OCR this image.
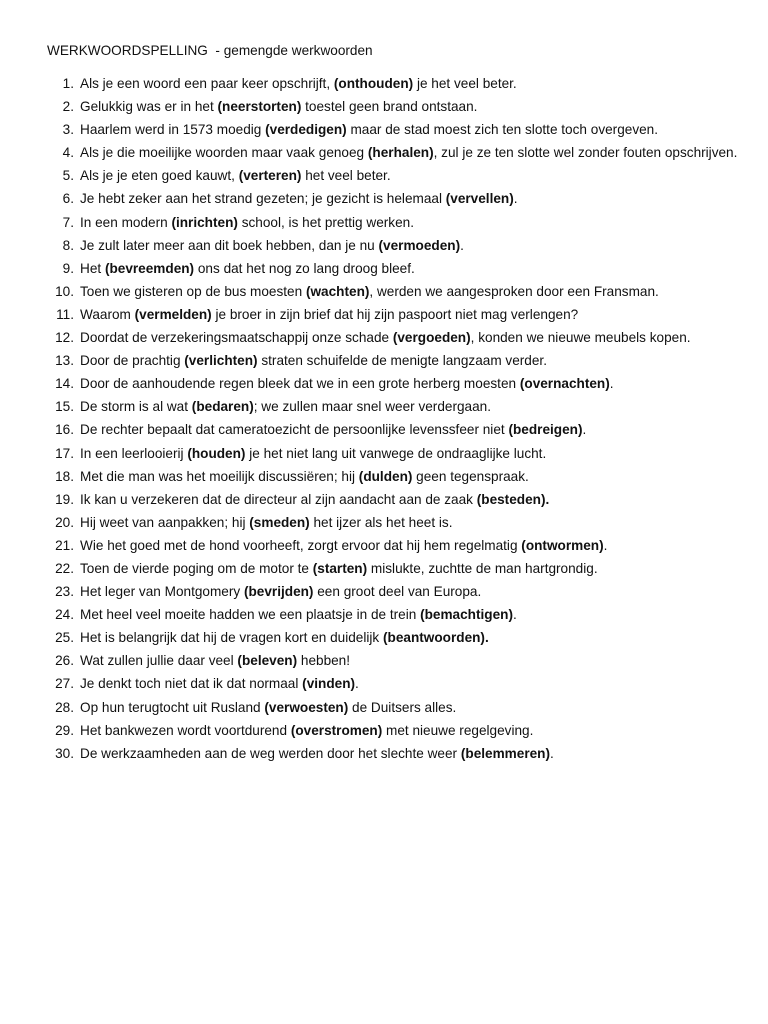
WERKWOORDSPELLING  - gemengde werkwoorden
1. Als je een woord een paar keer opschrijft, (onthouden) je het veel beter.
2. Gelukkig was er in het (neerstorten) toestel geen brand ontstaan.
3. Haarlem werd in 1573 moedig (verdedigen) maar de stad moest zich ten slotte toch overgeven.
4. Als je die moeilijke woorden maar vaak genoeg (herhalen), zul je ze ten slotte wel zonder fouten opschrijven.
5. Als je je eten goed kauwt, (verteren) het veel beter.
6. Je hebt zeker aan het strand gezeten; je gezicht is helemaal (vervellen).
7. In een modern (inrichten) school, is het prettig werken.
8. Je zult later meer aan dit boek hebben, dan je nu (vermoeden).
9. Het (bevreemden) ons dat het nog zo lang droog bleef.
10. Toen we gisteren op de bus moesten (wachten), werden we aangesproken door een Fransman.
11. Waarom (vermelden) je broer in zijn brief dat hij zijn paspoort niet mag verlengen?
12. Doordat de verzekeringsmaatschappij onze schade (vergoeden), konden we nieuwe meubels kopen.
13. Door de prachtig (verlichten) straten schuifelde de menigte langzaam verder.
14. Door de aanhoudende regen bleek dat we in een grote herberg moesten (overnachten).
15. De storm is al wat (bedaren); we zullen maar snel weer verdergaan.
16. De rechter bepaalt dat cameratoezicht de persoonlijke levenssfeer niet (bedreigen).
17. In een leerlooierij (houden) je het niet lang uit vanwege de ondraaglijke lucht.
18. Met die man was het moeilijk discussiëren; hij (dulden) geen tegenspraak.
19. Ik kan u verzekeren dat de directeur al zijn aandacht aan de zaak (besteden).
20. Hij weet van aanpakken; hij (smeden) het ijzer als het heet is.
21. Wie het goed met de hond voorheeft, zorgt ervoor dat hij hem regelmatig (ontwormen).
22. Toen de vierde poging om de motor te (starten) mislukte, zuchtte de man hartgrondig.
23. Het leger van Montgomery (bevrijden) een groot deel van Europa.
24. Met heel veel moeite hadden we een plaatsje in de trein (bemachtigen).
25. Het is belangrijk dat hij de vragen kort en duidelijk (beantwoorden).
26. Wat zullen jullie daar veel (beleven) hebben!
27. Je denkt toch niet dat ik dat normaal (vinden).
28. Op hun terugtocht uit Rusland (verwoesten) de Duitsers alles.
29. Het bankwezen wordt voortdurend (overstromen) met nieuwe regelgeving.
30. De werkzaamheden aan de weg werden door het slechte weer (belemmeren).
